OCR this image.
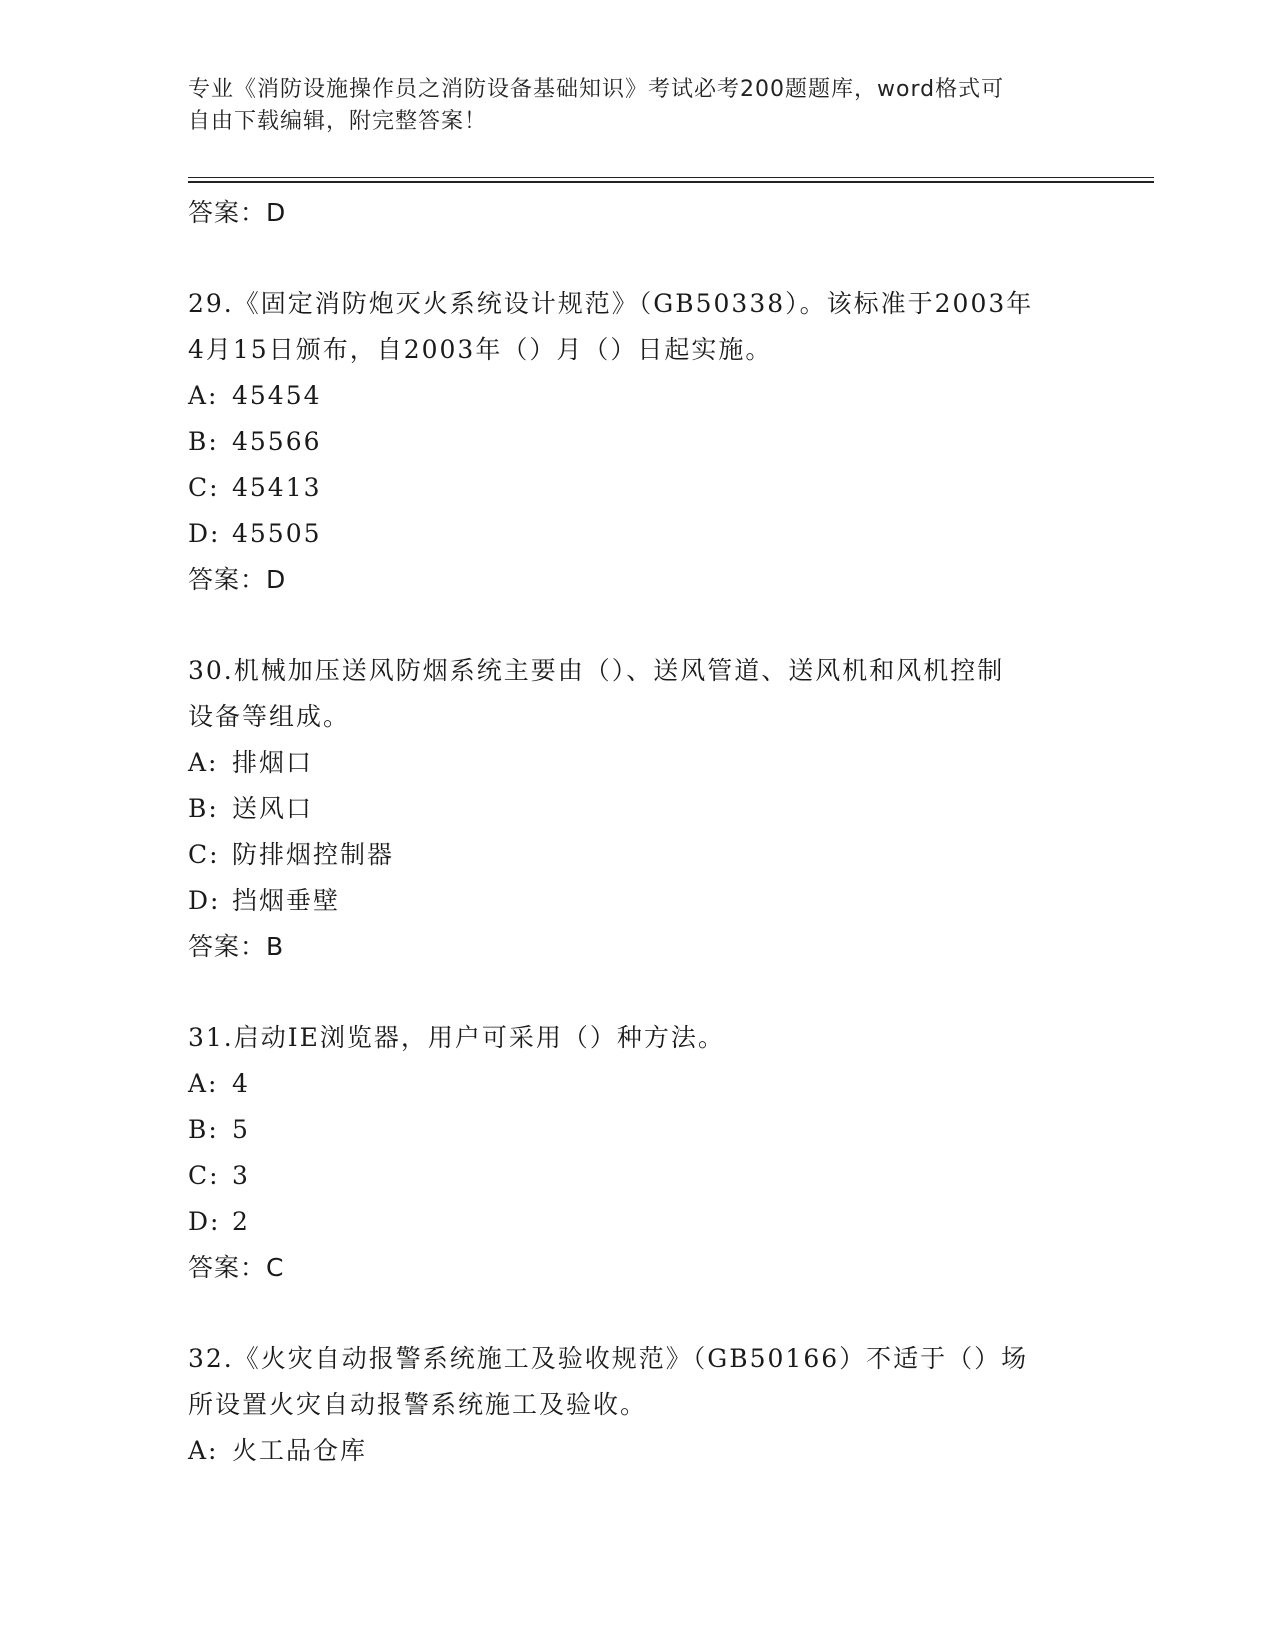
专业《消防设施操作员之消防设备基础知识》考试必考200题题库，word格式可
自由下载编辑，附完整答案！
答案：D
29.《固定消防炮灭火系统设计规范》（GB50338）。该标准于2003年
4月15日颁布，自2003年（）月（）日起实施。
A: 45454
B: 45566
C: 45413
D: 45505
答案：D
30.机械加压送风防烟系统主要由（）、送风管道、送风机和风机控制
设备等组成。
A: 排烟口
B: 送风口
C: 防排烟控制器
D: 挡烟垂壁
答案：B
31.启动IE浏览器，用户可采用（）种方法。
A: 4
B: 5
C: 3
D: 2
答案：C
32.《火灾自动报警系统施工及验收规范》（GB50166）不适于（）场
所设置火灾自动报警系统施工及验收。
A: 火工品仓库
